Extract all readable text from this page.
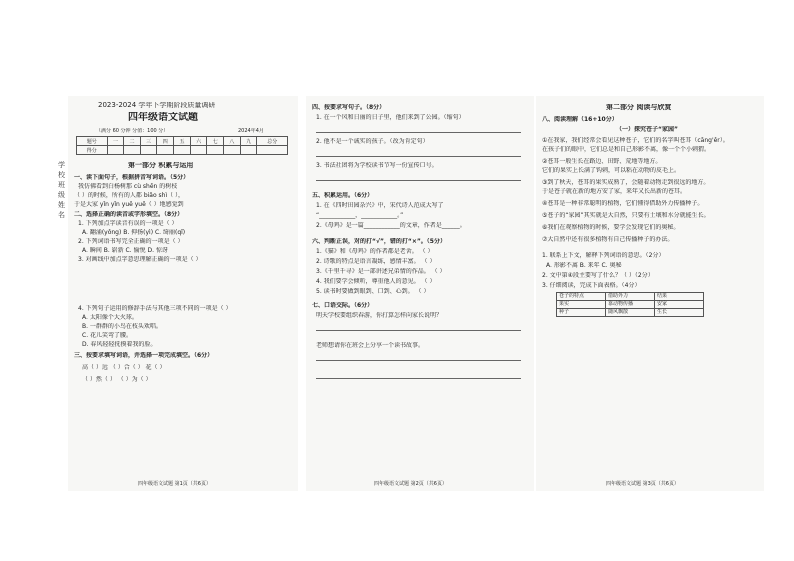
学 校 班 级 姓 名
2023-2024 学年下学期阶段质量调研
四年级语文试题
（满分 60 分钟 分值：100 分）	2024年4月
题号	一	二	三	四	五	六	七	八	九	总分
得分										
第一部分 积累与运用
一、读下面句子，根据拼音写词语。（5分）
我仿佛看到白杨树那 cù shēn 的树枝
（ ）的时候，所有的人都 biǎo shì（ ），
于是大家 yǐn yǐn yuē yuē（ ）地感觉到
二、选择正确的读音或字形填空。（8分）
1. 下列加点字读音有误的一项是（ ）
A. 翻涌(yǒng) B. 抑扬(yì) C. 绮丽(qǐ)
2. 下列词语书写完全正确的一项是（ ）
A. 瞬间 B. 崭新 C. 愉悦 D. 惊讶
3. 对画线中加点字意思理解正确的一项是（ ）
4. 下列句子运用的修辞手法与其他三项不同的一项是（ ）
A. 太阳像个大火球。
B. 一群群的小鸟在枝头欢唱。
C. 花儿笑弯了腰。
D. 春风轻轻抚摸着我的脸。
三、按要求填写词语，并选择一项完成填空。（6分）
高（ ）远 （ ）合（ ） 花（ ）
（ ）然（ ） （ ）为（ ）
四年级语文试题 第1页（共6页）
四、按要求写句子。（8分）
1. 在一个风和日丽的日子里，他们来到了公园。（缩句）
2. 他不是一个诚实的孩子。（改为肯定句）
3. 书法社团将为学校读书节写一份宣传口号。
五、积累运用。（6分）
1. 在《四时田园杂兴》中，宋代诗人范成大写了
“____________，____________。”
2.《母鸡》是一篇____________的文章，作者是______。
六、判断正误，对的打“√”，错的打“×”。（5分）
1.《猫》和《母鸡》的作者都是老舍。 （ ）
2. 诗歌的特点是语言凝练，感情丰富。 （ ）
3.《千里千寻》是一部讲述兄弟情的作品。 （ ）
4. 我们要学会倾听，尊重他人的意见。 （ ）
5. 读书时要做到眼到、口到、心到。 （ ）
七、口语交际。（6分）
明天学校要组织春游，你打算怎样向家长说明？
老师想请你在班会上分享一个读书故事。
四年级语文试题 第2页（共6页）
第二部分 阅读与欣赏
八、阅读理解（16+10分）
（一）探究苍子“家园”
①在我家，我们经常会看见这种苍子，它们的名字叫苍耳（cāng'ěr）。
在孩子们的眼中，它们总是和自己形影不离，像一个个小刺猬。
②苍耳一般生长在路边、田野、荒地等地方。
它们的果实上长满了钩刺，可以粘在动物的皮毛上。
③到了秋天，苍耳的果实成熟了，会随着动物走到很远的地方。
于是苍子就在新的地方安了家，来年又长出新的苍耳。
④苍耳是一种非常聪明的植物，它们懂得借助外力传播种子。
⑤苍子的“家园”其实就是大自然，只要有土壤和水分就能生长。
⑥我们在观察植物的时候，要学会发现它们的奥秘。
⑦大自然中还有很多植物有自己传播种子的办法。
1. 联系上下文，解释下列词语的意思。（2分）
A. 形影不离 B. 来年 C. 奥秘
2. 文中第④段主要写了什么？（ ）（2分）
3. 仔细阅读，完成下面表格。（4分）
苍子的特点	借助外力	结果
果实	靠动物传播	安家
种子	随风飘散	生长
四年级语文试题 第3页（共6页）
